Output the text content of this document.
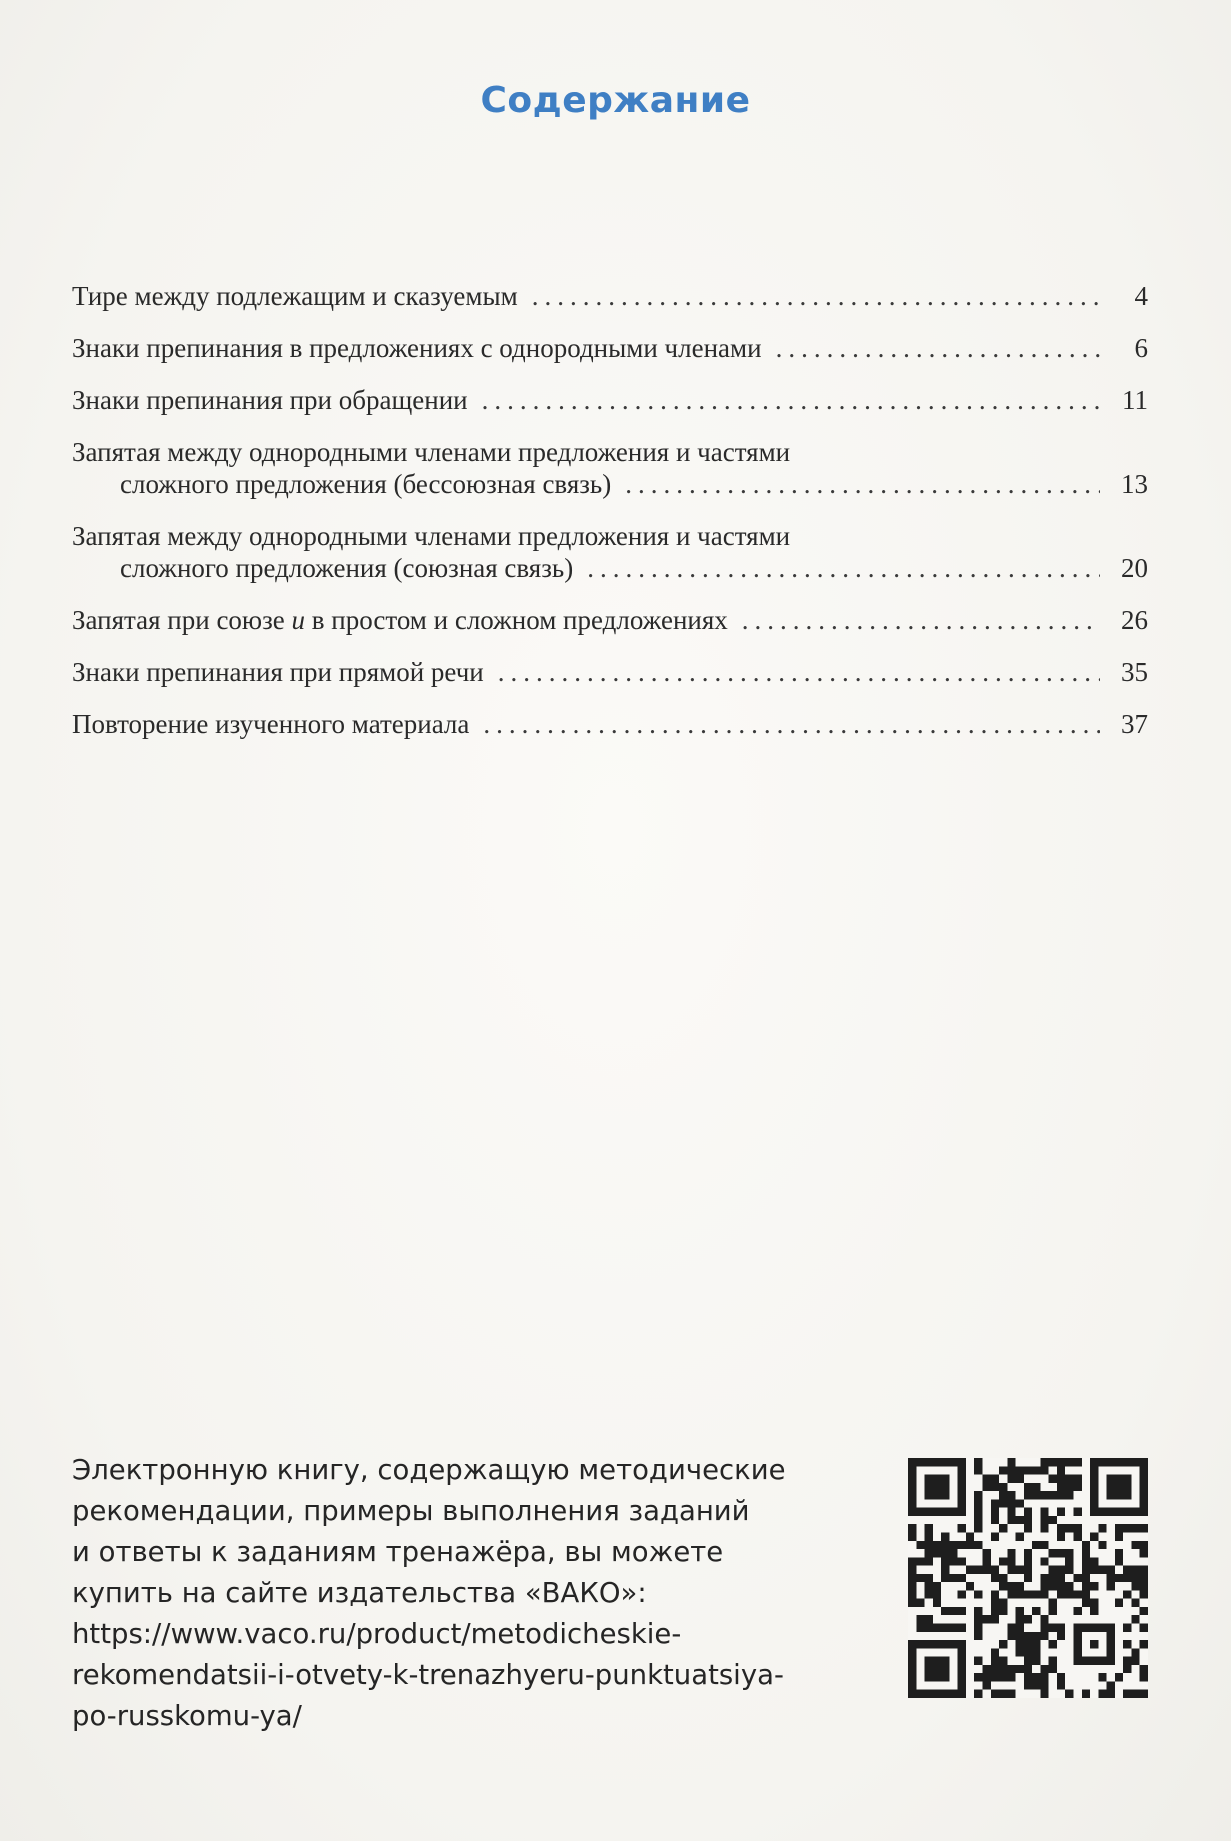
Содержание
Тире между подлежащим и сказуемым .....	4
Знаки препинания в предложениях с однородными членами .....	6
Знаки препинания при обращении .....	11
Запятая между однородными членами предложения и частями
сложного предложения (бессоюзная связь) .....	13
Запятая между однородными членами предложения и частями
сложного предложения (союзная связь) .....	20
Запятая при союзе и в простом и сложном предложениях .....	26
Знаки препинания при прямой речи .....	35
Повторение изученного материала .....	37
Электронную книгу, содержащую методические
рекомендации, примеры выполнения заданий
и ответы к заданиям тренажёра, вы можете
купить на сайте издательства «ВАКО»:
https://www.vaco.ru/product/metodicheskie-
rekomendatsii-i-otvety-k-trenazhyeru-punktuatsiya-
po-russkomu-ya/
